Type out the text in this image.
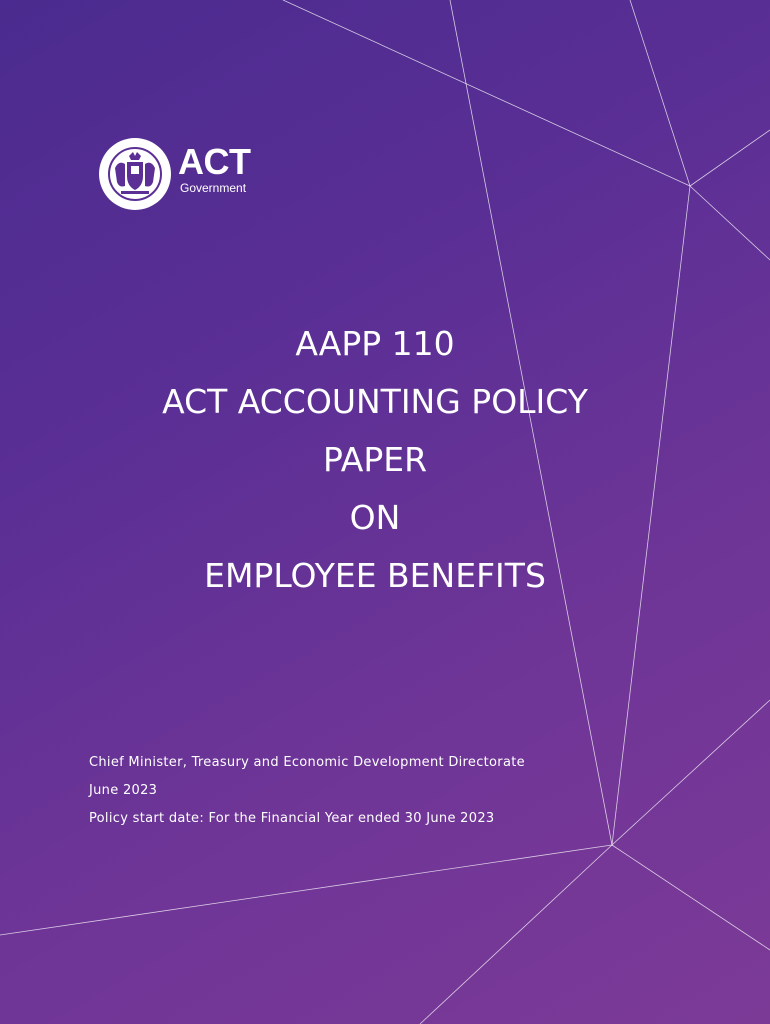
ACT
Government
AAPP 110
ACT ACCOUNTING POLICY
PAPER
ON
EMPLOYEE BENEFITS

Chief Minister, Treasury and Economic Development Directorate

June 2023

Policy start date: For the Financial Year ended 30 June 2023
